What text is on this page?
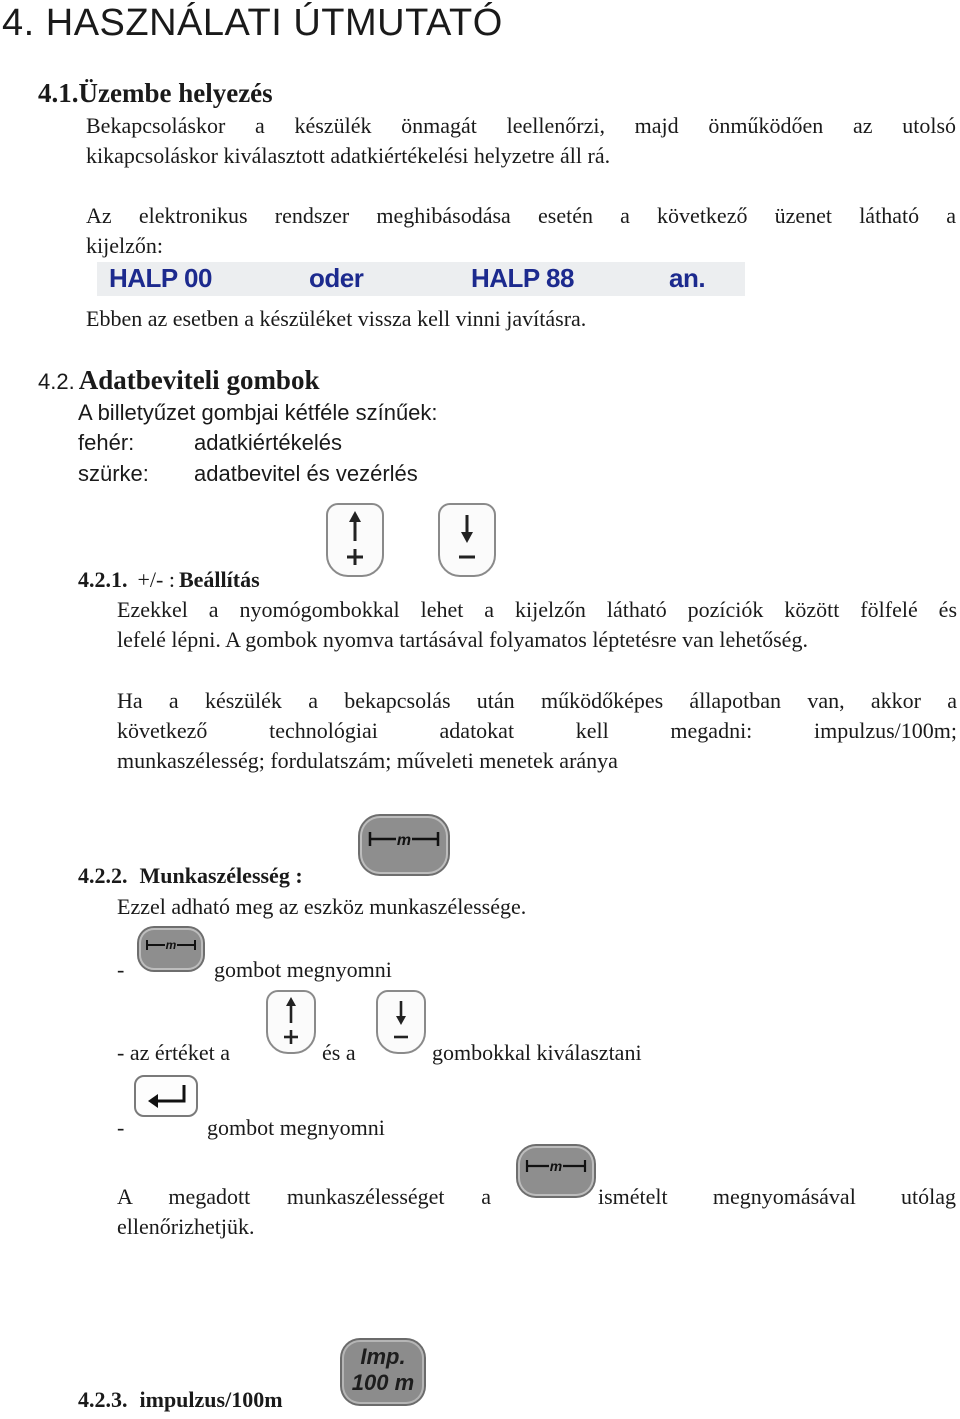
4. HASZNÁLATI ÚTMUTATÓ
4.1.Üzembe helyezés
Bekapcsoláskor a készülék önmagát leellenőrzi, majd önműködően az utolsó
kikapcsoláskor kiválasztott adatkiértékelési helyzetre áll rá.
Az elektronikus rendszer meghibásodása esetén a következő üzenet látható a
kijelzőn:
HALP 00	oder	HALP 88	an.
Ebben az esetben a készüléket vissza kell vinni javításra.
4.2. Adatbeviteli gombok
A billetyűzet gombjai kétféle színűek:
fehér:	adatkiértékelés
szürke: adatbevitel és vezérlés
4.2.1. +/- : Beállítás
Ezekkel a nyomógombokkal lehet a kijelzőn látható pozíciók között fölfelé és
lefelé lépni. A gombok nyomva tartásával folyamatos léptetésre van lehetőség.
Ha a készülék a bekapcsolás után működőképes állapotban van, akkor a
következő technológiai adatokat kell megadni: impulzus/100m;
munkaszélesség; fordulatszám; műveleti menetek aránya
m
4.2.2. Munkaszélesség :
Ezzel adható meg az eszköz munkaszélessége.
-
m
gombot megnyomni
- az értéket a	és a	gombokkal kiválasztani
-	gombot megnyomni
A megadott munkaszélességet a
m
ismételt megnyomásával utólag
ellenőrizhetjük.
Imp.
100 m
4.2.3. impulzus/100m
